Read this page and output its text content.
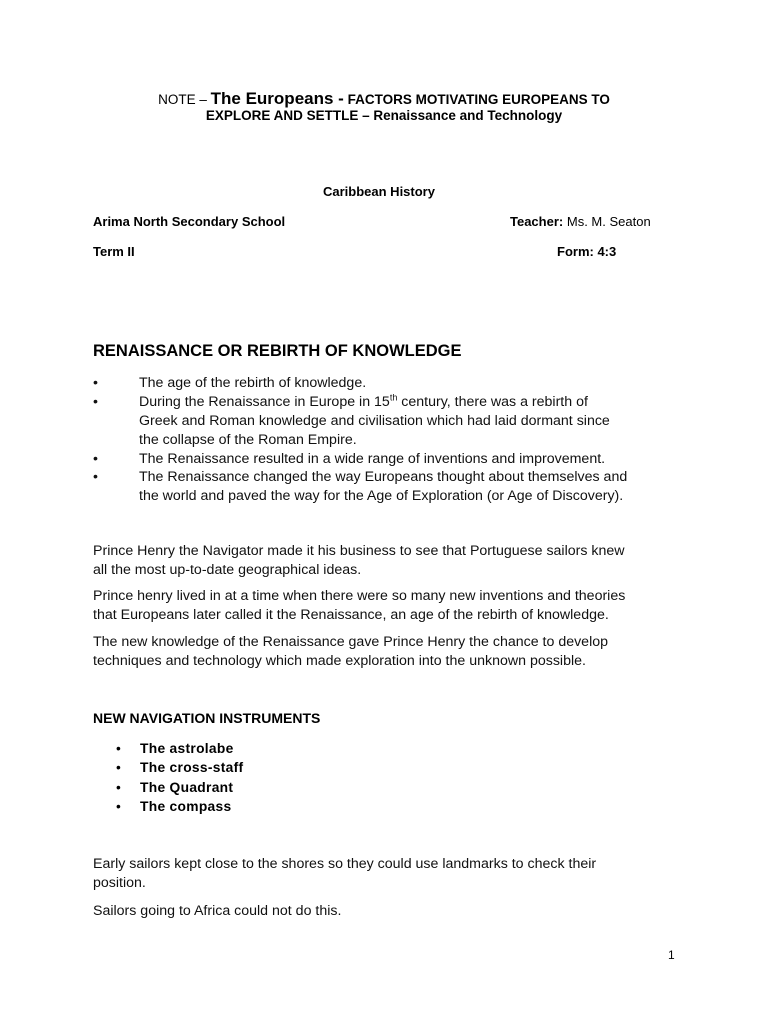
NOTE – The Europeans - FACTORS MOTIVATING EUROPEANS TO
EXPLORE AND SETTLE – Renaissance and Technology
Caribbean History
Arima North Secondary School	Teacher: Ms. M. Seaton
Term II	Form: 4:3
RENAISSANCE OR REBIRTH OF KNOWLEDGE
•	The age of the rebirth of knowledge.
•	During the Renaissance in Europe in 15th century, there was a rebirth of
Greek and Roman knowledge and civilisation which had laid dormant since
the collapse of the Roman Empire.
•	The Renaissance resulted in a wide range of inventions and improvement.
•	The Renaissance changed the way Europeans thought about themselves and
the world and paved the way for the Age of Exploration (or Age of Discovery).
Prince Henry the Navigator made it his business to see that Portuguese sailors knew
all the most up-to-date geographical ideas.
Prince henry lived in at a time when there were so many new inventions and theories
that Europeans later called it the Renaissance, an age of the rebirth of knowledge.
The new knowledge of the Renaissance gave Prince Henry the chance to develop
techniques and technology which made exploration into the unknown possible.
NEW NAVIGATION INSTRUMENTS
• The astrolabe
• The cross-staff
• The Quadrant
• The compass
Early sailors kept close to the shores so they could use landmarks to check their
position.
Sailors going to Africa could not do this.
1
